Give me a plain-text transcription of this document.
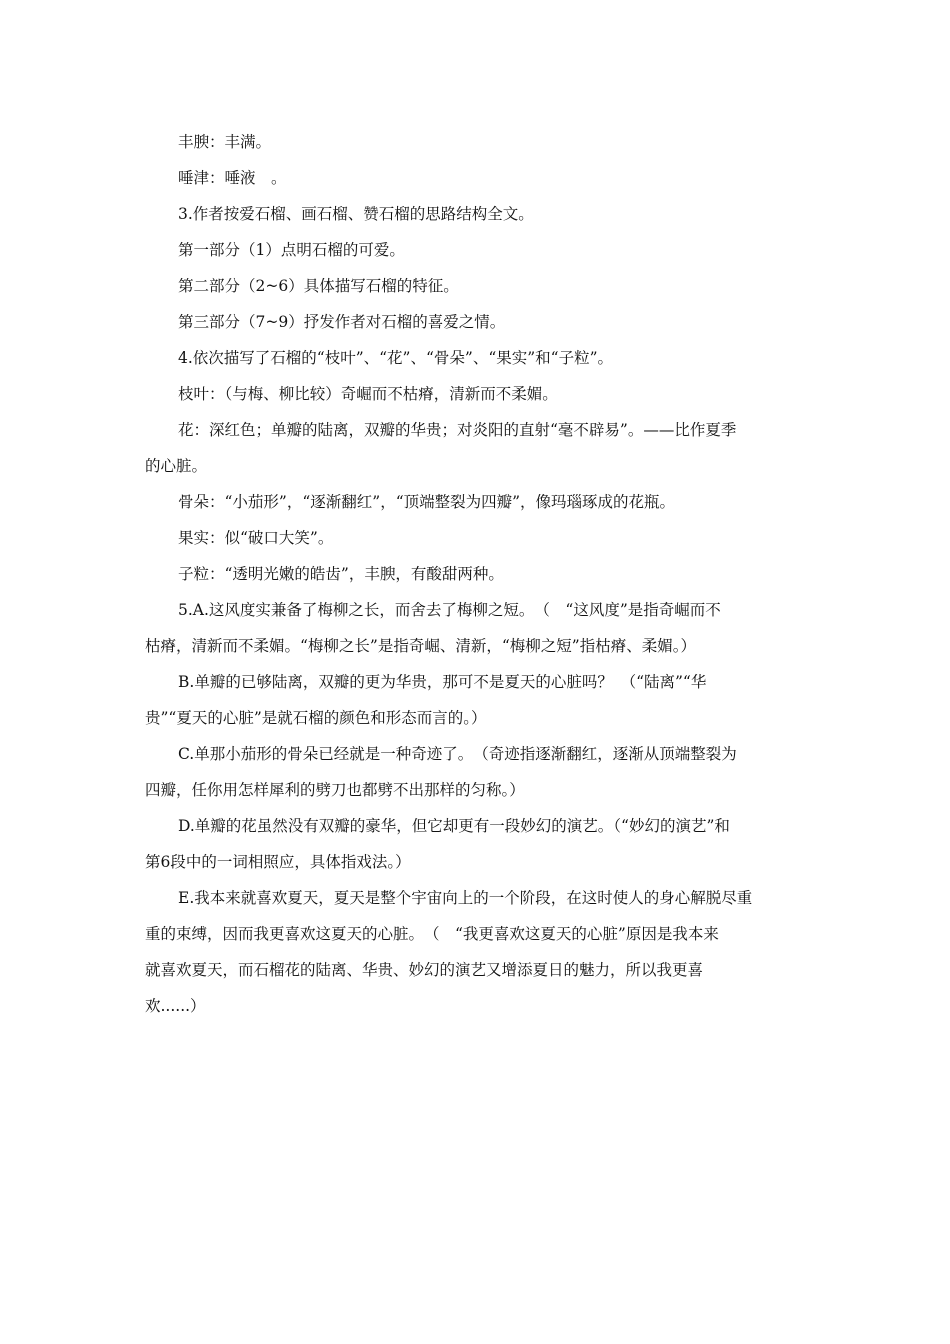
丰腴：丰满。

唾津：唾液　。

3.作者按爱石榴、画石榴、赞石榴的思路结构全文。

第一部分（1）点明石榴的可爱。

第二部分（2~6）具体描写石榴的特征。

第三部分（7~9）抒发作者对石榴的喜爱之情。

4.依次描写了石榴的“枝叶”、“花”、“骨朵”、“果实”和“子粒”。

枝叶：（与梅、柳比较）奇崛而不枯瘠，清新而不柔媚。

花：深红色；单瓣的陆离，双瓣的华贵；对炎阳的直射“毫不辟易”。——比作夏季

的心脏。

骨朵：“小茄形”，“逐渐翻红”，“顶端整裂为四瓣”，像玛瑙琢成的花瓶。

果实：似“破口大笑”。

子粒：“透明光嫩的皓齿”，丰腴，有酸甜两种。

5.A.这风度实兼备了梅柳之长，而舍去了梅柳之短。　（　“这风度”是指奇崛而不

枯瘠，清新而不柔媚。“梅柳之长”是指奇崛、清新，“梅柳之短”指枯瘠、柔媚。）

B.单瓣的已够陆离，双瓣的更为华贵，那可不是夏天的心脏吗？　（“陆离”“华

贵”“夏天的心脏”是就石榴的颜色和形态而言的。）

C.单那小茄形的骨朵已经就是一种奇迹了。　（奇迹指逐渐翻红，逐渐从顶端整裂为

四瓣，任你用怎样犀利的劈刀也都劈不出那样的匀称。）

D.单瓣的花虽然没有双瓣的豪华，但它却更有一段妙幻的演艺。（“妙幻的演艺”和

第6段中的一词相照应，具体指戏法。）

E.我本来就喜欢夏天，夏天是整个宇宙向上的一个阶段，在这时使人的身心解脱尽重

重的束缚，因而我更喜欢这夏天的心脏。　（　“我更喜欢这夏天的心脏”原因是我本来

就喜欢夏天，而石榴花的陆离、华贵、妙幻的演艺又增添夏日的魅力，所以我更喜

欢......）
